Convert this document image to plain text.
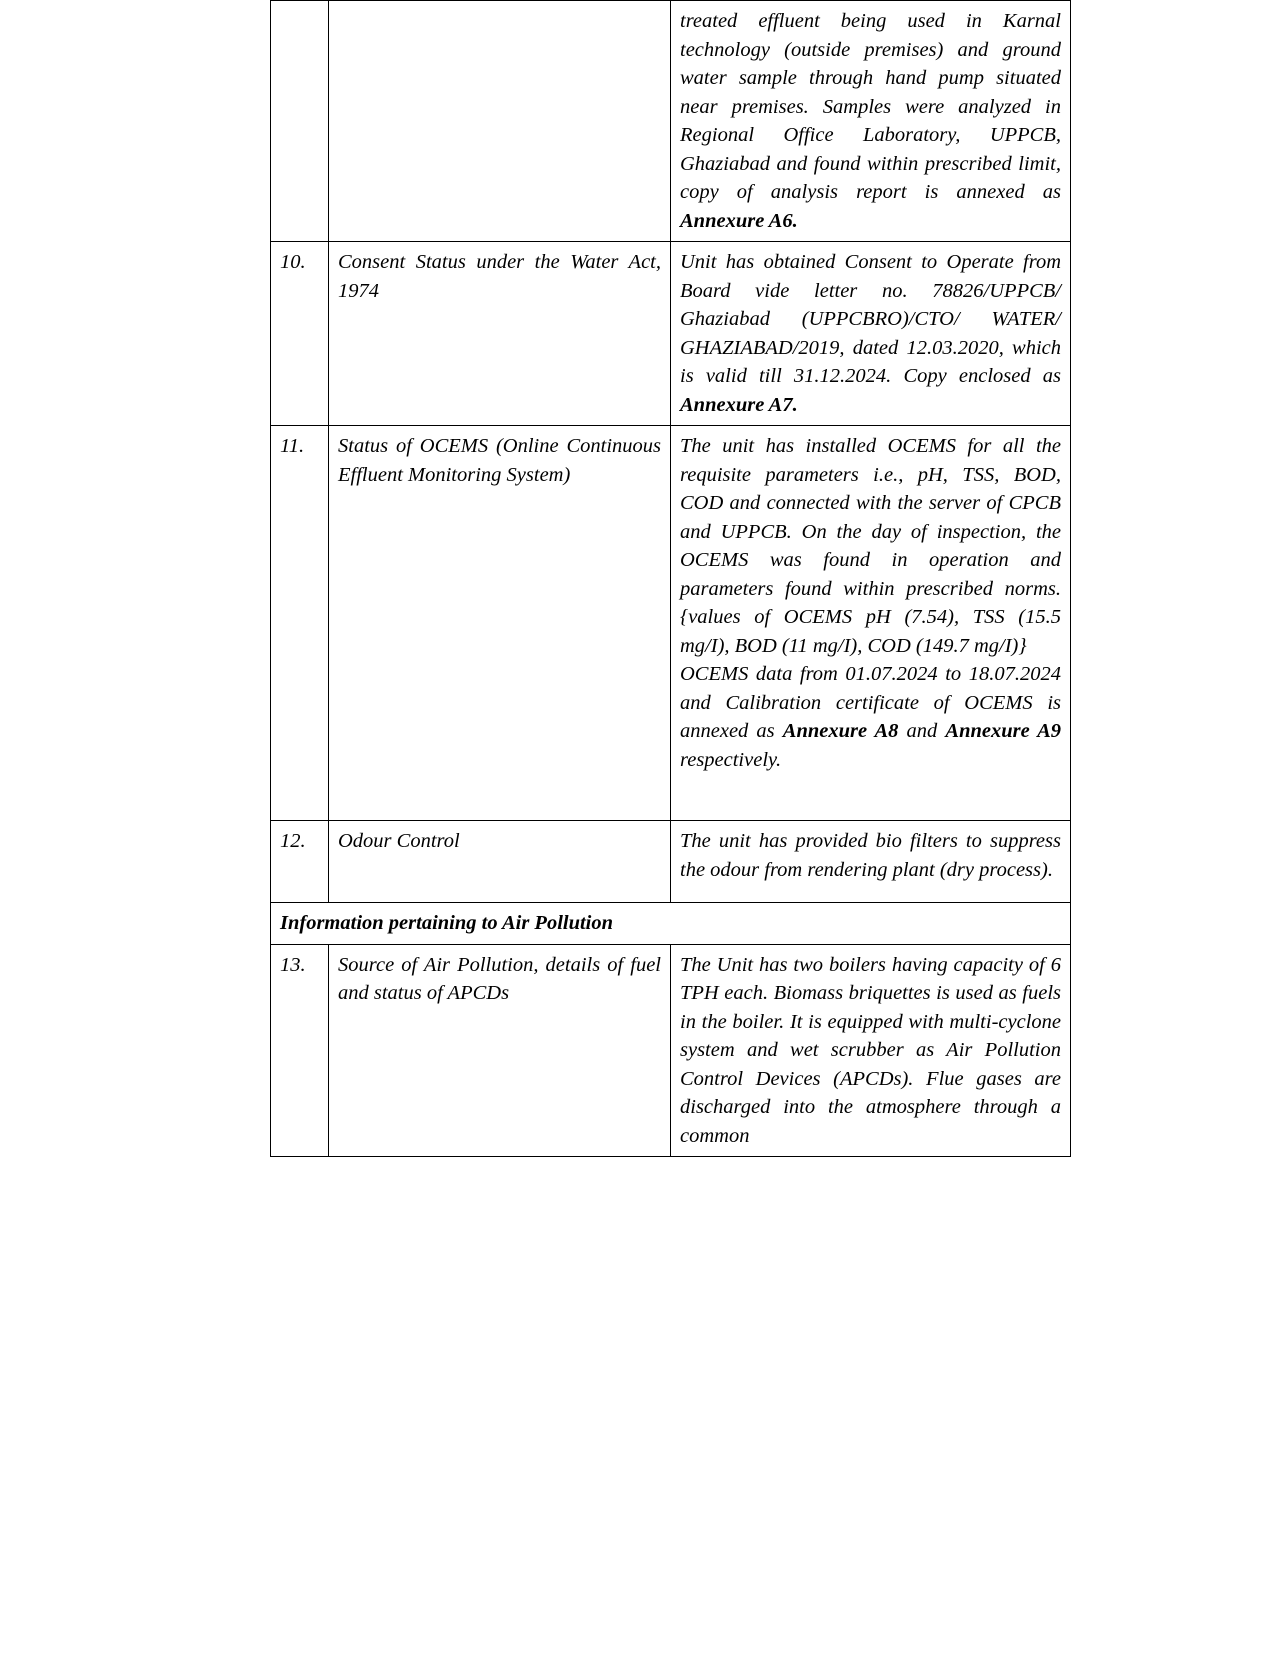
		treated effluent being used in Karnal technology (outside premises) and ground water sample through hand pump situated near premises. Samples were analyzed in Regional Office Laboratory, UPPCB, Ghaziabad and found within prescribed limit, copy of analysis report is annexed as Annexure A6.

10.	Consent Status under the Water Act, 1974	Unit has obtained Consent to Operate from Board vide letter no. 78826/UPPCB/ Ghaziabad (UPPCBRO)/CTO/ WATER/ GHAZIABAD/2019, dated 12.03.2020, which is valid till 31.12.2024. Copy enclosed as Annexure A7.

11.	Status of OCEMS (Online Continuous Effluent Monitoring System)	The unit has installed OCEMS for all the requisite parameters i.e., pH, TSS, BOD, COD and connected with the server of CPCB and UPPCB. On the day of inspection, the OCEMS was found in operation and parameters found within prescribed norms. {values of OCEMS pH (7.54), TSS (15.5 mg/I), BOD (11 mg/I), COD (149.7 mg/I)}

OCEMS data from 01.07.2024 to 18.07.2024 and Calibration certificate of OCEMS is annexed as Annexure A8 and Annexure A9 respectively.

12.	Odour Control	The unit has provided bio filters to suppress the odour from rendering plant (dry process).

Information pertaining to Air Pollution		
13.	Source of Air Pollution, details of fuel and status of APCDs	The Unit has two boilers having capacity of 6 TPH each. Biomass briquettes is used as fuels in the boiler. It is equipped with multi-cyclone system and wet scrubber as Air Pollution Control Devices (APCDs). Flue gases are discharged into the atmosphere through a common
